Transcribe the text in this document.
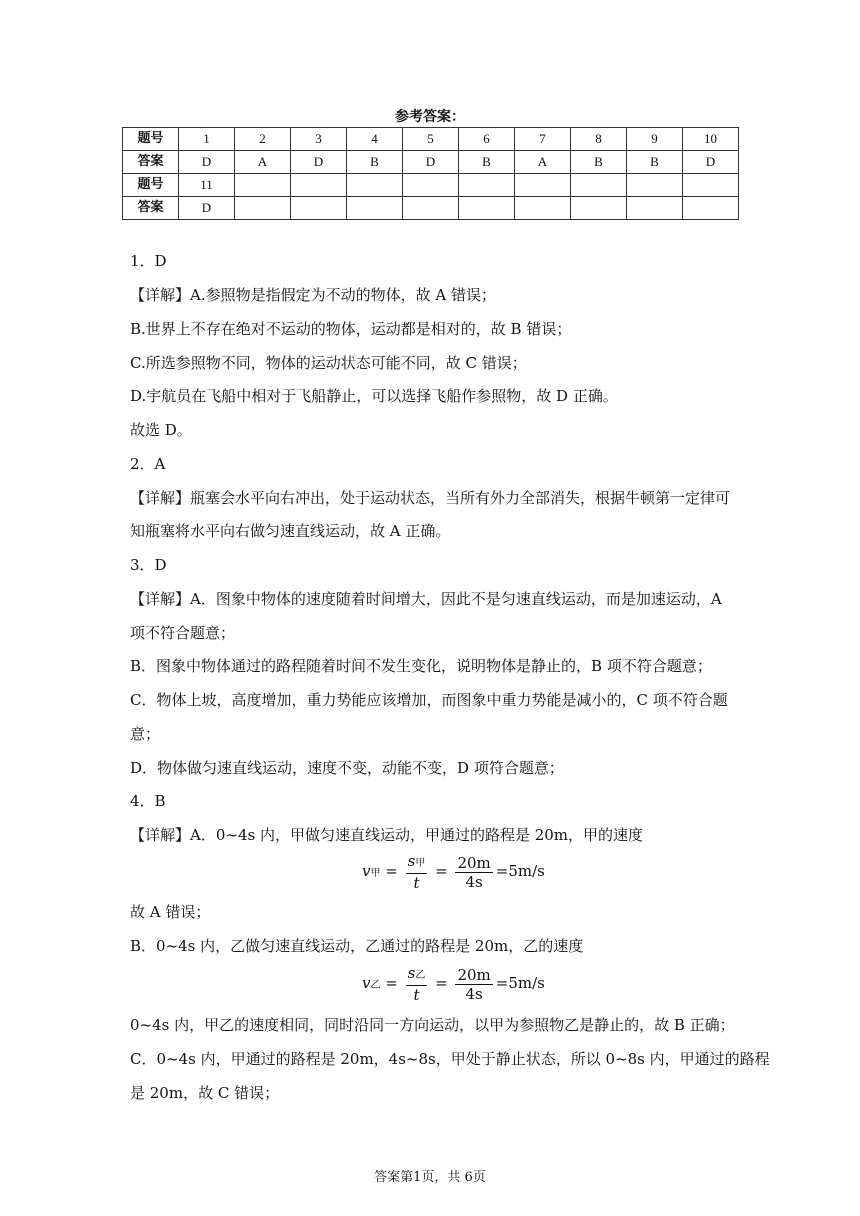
参考答案：
题号	1	2	3	4	5	6	7	8	9	10
答案	D	A	D	B	D	B	A	B	B	D
题号	11									
答案	D									
1．D
【详解】A.参照物是指假定为不动的物体，故 A 错误；
B.世界上不存在绝对不运动的物体，运动都是相对的，故 B 错误；
C.所选参照物不同，物体的运动状态可能不同，故 C 错误；
D.宇航员在飞船中相对于飞船静止，可以选择飞船作参照物，故 D 正确。
故选 D。
2．A
【详解】瓶塞会水平向右冲出，处于运动状态，当所有外力全部消失，根据牛顿第一定律可
知瓶塞将水平向右做匀速直线运动，故 A 正确。
3．D
【详解】A．图象中物体的速度随着时间增大，因此不是匀速直线运动，而是加速运动，A
项不符合题意；
B．图象中物体通过的路程随着时间不发生变化，说明物体是静止的，B 项不符合题意；
C．物体上坡，高度增加，重力势能应该增加，而图象中重力势能是减小的，C 项不符合题
意；
D．物体做匀速直线运动，速度不变，动能不变，D 项符合题意；
4．B
【详解】A．0~4s 内，甲做匀速直线运动，甲通过的路程是 20m，甲的速度
v甲 = $\frac{\text{s甲}}{t} = \frac{20m}{4s} =5m/s$
故 A 错误；
B．0~4s 内，乙做匀速直线运动，乙通过的路程是 20m，乙的速度
v乙 = $\frac{\text{s乙}}{t} = \frac{20m}{4s} =5m/s$
0~4s 内，甲乙的速度相同，同时沿同一方向运动，以甲为参照物乙是静止的，故 B 正确；
C．0~4s 内，甲通过的路程是 20m，4s~8s，甲处于静止状态，所以 0~8s 内，甲通过的路程
是 20m，故 C 错误；
答案第1页，共 6页
